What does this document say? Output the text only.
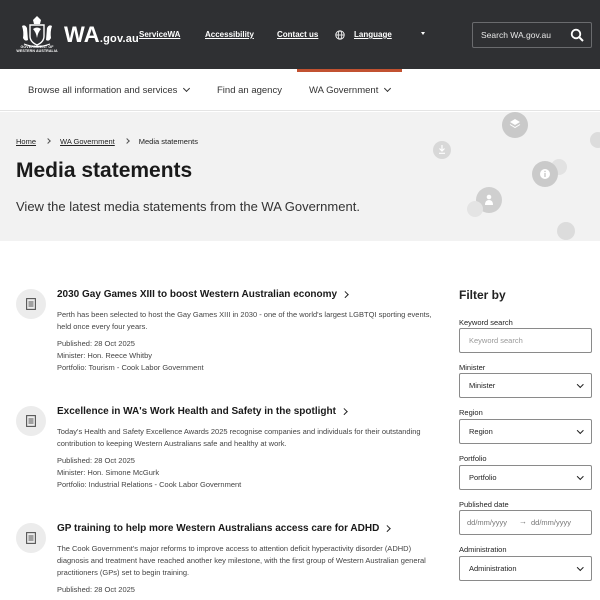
GOVERNMENT OF
WESTERN AUSTRALIA
WA.gov.au ServiceWA	Accessibility	Contact us	Language	Search WA.gov.au
Browse all information and services	Find an agency	WA Government
Home	WA Government	Media statements
Media statements

View the latest media statements from the WA Government.

2030 Gay Games XIII to boost Western Australian economy

Perth has been selected to host the Gay Games XIII in 2030 - one of the world's largest LGBTQI sporting events, held once every four years.

Published: 28 Oct 2025

Minister: Hon. Reece Whitby

Portfolio: Tourism - Cook Labor Government

Excellence in WA's Work Health and Safety in the spotlight

Today's Health and Safety Excellence Awards 2025 recognise companies and individuals for their outstanding contribution to keeping Western Australians safe and healthy at work.

Published: 28 Oct 2025

Minister: Hon. Simone McGurk

Portfolio: Industrial Relations - Cook Labor Government

GP training to help more Western Australians access care for ADHD

The Cook Government's major reforms to improve access to attention deficit hyperactivity disorder (ADHD) diagnosis and treatment have reached another key milestone, with the first group of Western Australian general practitioners (GPs) set to begin training.

Published: 28 Oct 2025

Filter by
Keyword search
Keyword search
Minister
Minister
Region
Region
Portfolio
Portfolio
Published date
dd/mm/yyyy → dd/mm/yyyy
Administration
Administration
